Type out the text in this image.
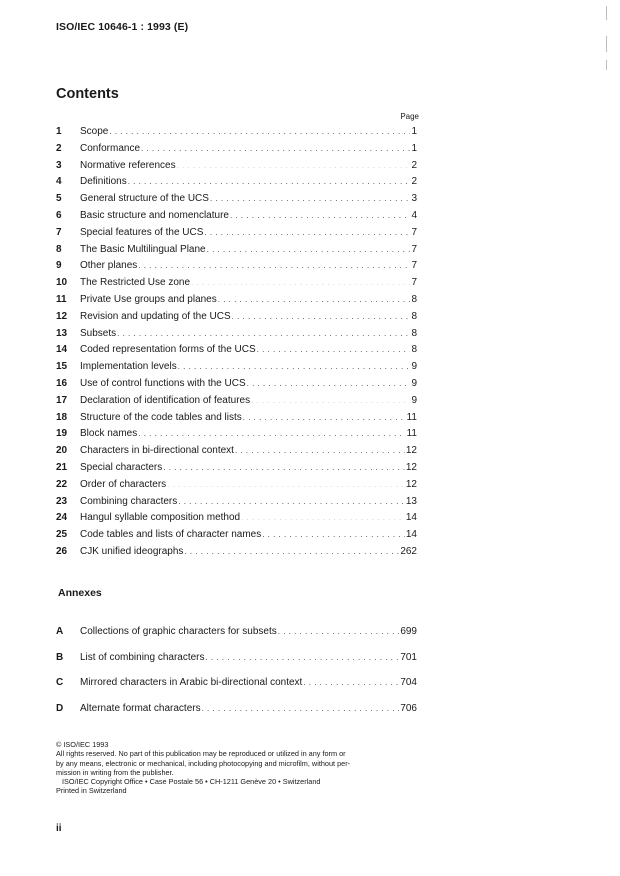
ISO/IEC 10646-1 : 1993 (E)
Contents
Page
1	Scope . . .	1
2	Conformance . . .	1
3	Normative references . . .	2
4	Definitions . . .	2
5	General structure of the UCS . . .	3
6	Basic structure and nomenclature . . .	4
7	Special features of the UCS . . .	7
8	The Basic Multilingual Plane . . .	7
9	Other planes . . .	7
10	The Restricted Use zone . . .	7
11	Private Use groups and planes . . .	8
12	Revision and updating of the UCS . . .	8
13	Subsets . . .	8
14	Coded representation forms of the UCS . . .	8
15	Implementation levels . . .	9
16	Use of control functions with the UCS . . .	9
17	Declaration of identification of features . . .	9
18	Structure of the code tables and lists . . .	11
19	Block names . . .	11
20	Characters in bi-directional context . . .	12
21	Special characters . . .	12
22	Order of characters . . .	12
23	Combining characters . . .	13
24	Hangul syllable composition method . . .	14
25	Code tables and lists of character names . . .	14
26	CJK unified ideographs . . .	262
Annexes
A	Collections of graphic characters for subsets . . .	699
B	List of combining characters . . .	701
C	Mirrored characters in Arabic bi-directional context . . .	704
D	Alternate format characters . . .	706
© ISO/IEC 1993
All rights reserved. No part of this publication may be reproduced or utilized in any form or
by any means, electronic or mechanical, including photocopying and microfilm, without per-
mission in writing from the publisher.
ISO/IEC Copyright Office • Case Postale 56 • CH-1211 Genève 20 • Switzerland
Printed in Switzerland
ii
